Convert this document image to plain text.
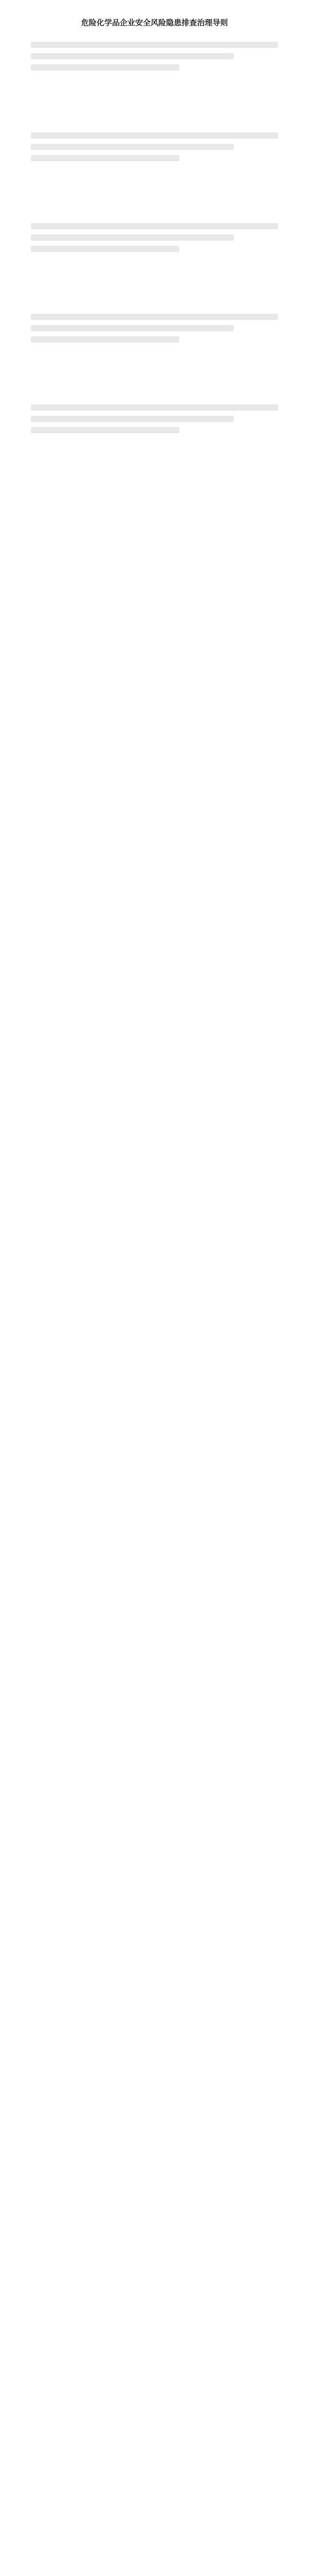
危险化学品企业安全风险隐患排查治理导则
